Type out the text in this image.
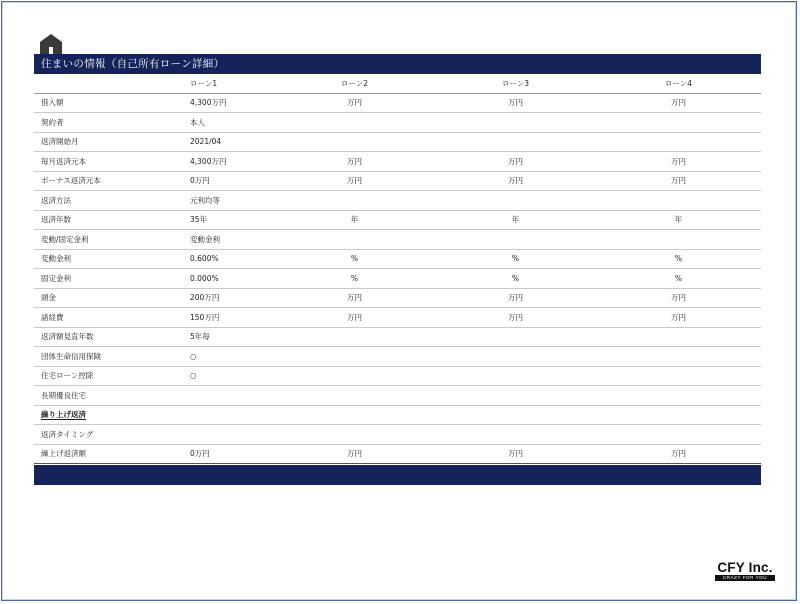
住まいの情報（自己所有ローン詳細）
	ローン1	ローン2	ローン3	ローン4
借入額	4,300万円	万円	万円	万円
契約者	本人			
返済開始月	2021/04			
毎月返済元本	4,300万円	万円	万円	万円
ボーナス返済元本	0万円	万円	万円	万円
返済方法	元利均等			
返済年数	35年	年	年	年
変動/固定金利	変動金利			
変動金利	0.600%	%	%	%
固定金利	0.000%	%	%	%
頭金	200万円	万円	万円	万円
諸経費	150万円	万円	万円	万円
返済額見直年数	5年毎			
団体生命信用保険	○			
住宅ローン控除	○			
長期優良住宅				
繰り上げ返済				
返済タイミング				
繰上げ返済額	0万円	万円	万円	万円
CFY Inc.
CRAZY FOR YOU
